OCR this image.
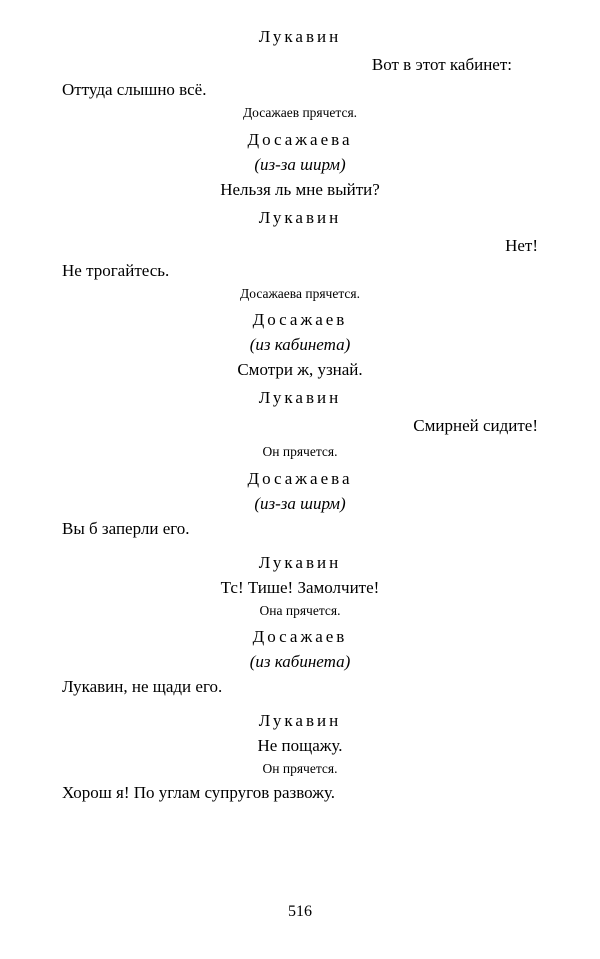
Лукавин
Вот в этот кабинет:
Оттуда слышно всё.
Досажаев прячется.
Досажаева
(из-за ширм)
Нельзя ль мне выйти?
Лукавин
Нет!
Не трогайтесь.
Досажаева прячется.
Досажаев
(из кабинета)
Смотри ж, узнай.
Лукавин
Смирней сидите!
Он прячется.
Досажаева
(из-за ширм)
Вы б заперли его.
Лукавин
Тс! Тише! Замолчите!
Она прячется.
Досажаев
(из кабинета)
Лукавин, не щади его.
Лукавин
Не пощажу.
Он прячется.
Хорош я! По углам супругов развожу.
516
